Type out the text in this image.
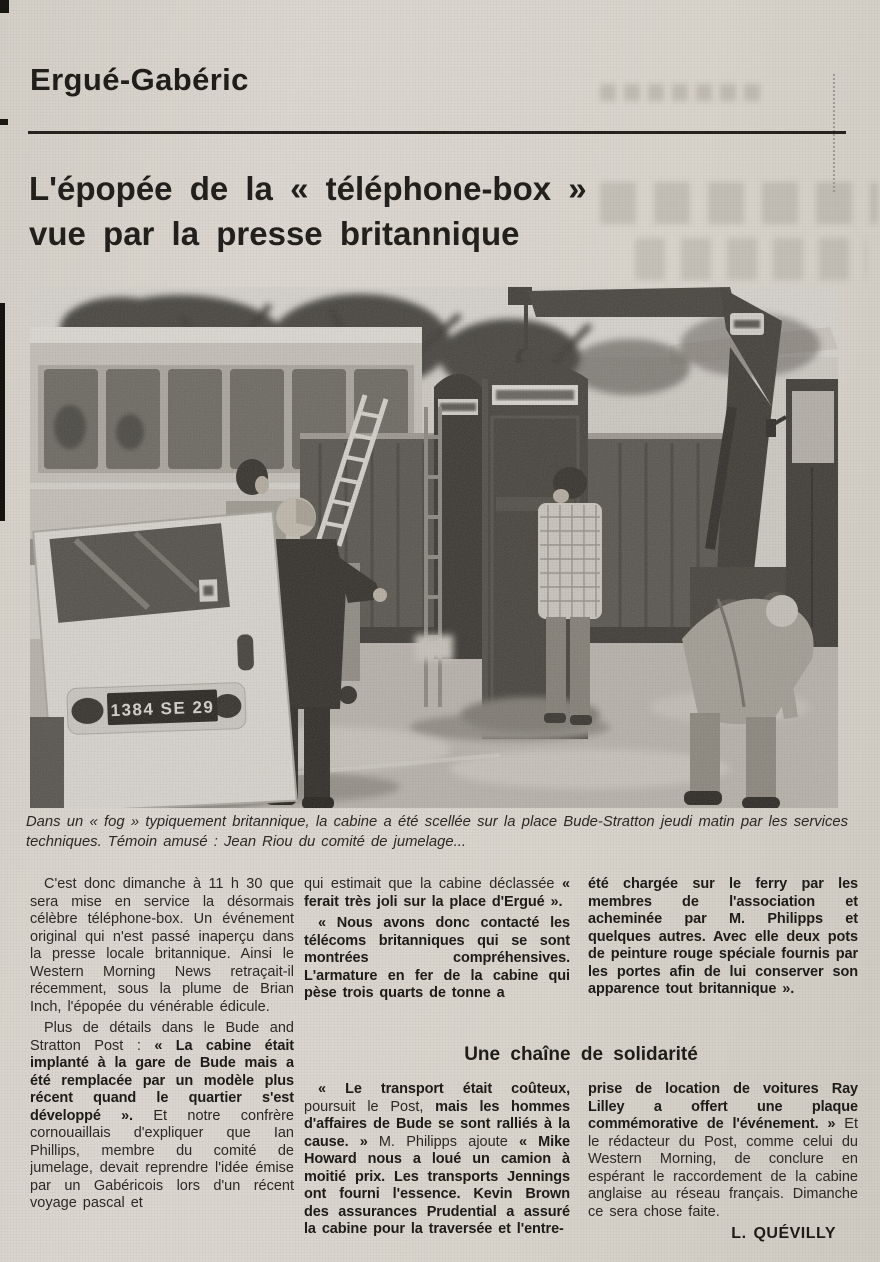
Ergué-Gabéric
L'épopée de la « téléphone-box »
vue par la presse britannique
Dans un « fog » typiquement britannique, la cabine a été scellée sur la place Bude-Stratton jeudi matin par les services techniques. Témoin amusé : Jean Riou du comité de jumelage...

C'est donc dimanche à 11 h 30 que sera mise en service la désormais célèbre téléphone-box. Un événement original qui n'est passé inaperçu dans la presse locale britannique. Ainsi le Western Morning News retraçait-il récemment, sous la plume de Brian Inch, l'épopée du vénérable édicule.

Plus de détails dans le Bude and Stratton Post : « La cabine était implanté à la gare de Bude mais a été remplacée par un modèle plus récent quand le quartier s'est développé ». Et notre confrère cornouaillais d'expliquer que Ian Phillips, membre du comité de jumelage, devait reprendre l'idée émise par un Gabéricois lors d'un récent voyage pascal et

qui estimait que la cabine déclassée « ferait très joli sur la place d'Ergué ».

« Nous avons donc contacté les télécoms britanniques qui se sont montrées compréhensives. L'armature en fer de la cabine qui pèse trois quarts de tonne a

été chargée sur le ferry par les membres de l'association et acheminée par M. Philipps et quelques autres. Avec elle deux pots de peinture rouge spéciale fournis par les portes afin de lui conserver son apparence tout britannique ».

Une chaîne de solidarité

« Le transport était coûteux, poursuit le Post, mais les hommes d'affaires de Bude se sont ralliés à la cause. » M. Philipps ajoute « Mike Howard nous a loué un camion à moitié prix. Les transports Jennings ont fourni l'essence. Kevin Brown des assurances Prudential a assuré la cabine pour la traversée et l'entre-

prise de location de voitures Ray Lilley a offert une plaque commémorative de l'événement. » Et le rédacteur du Post, comme celui du Western Morning, de conclure en espérant le raccordement de la cabine anglaise au réseau français. Dimanche ce sera chose faite.

L. QUÉVILLY
